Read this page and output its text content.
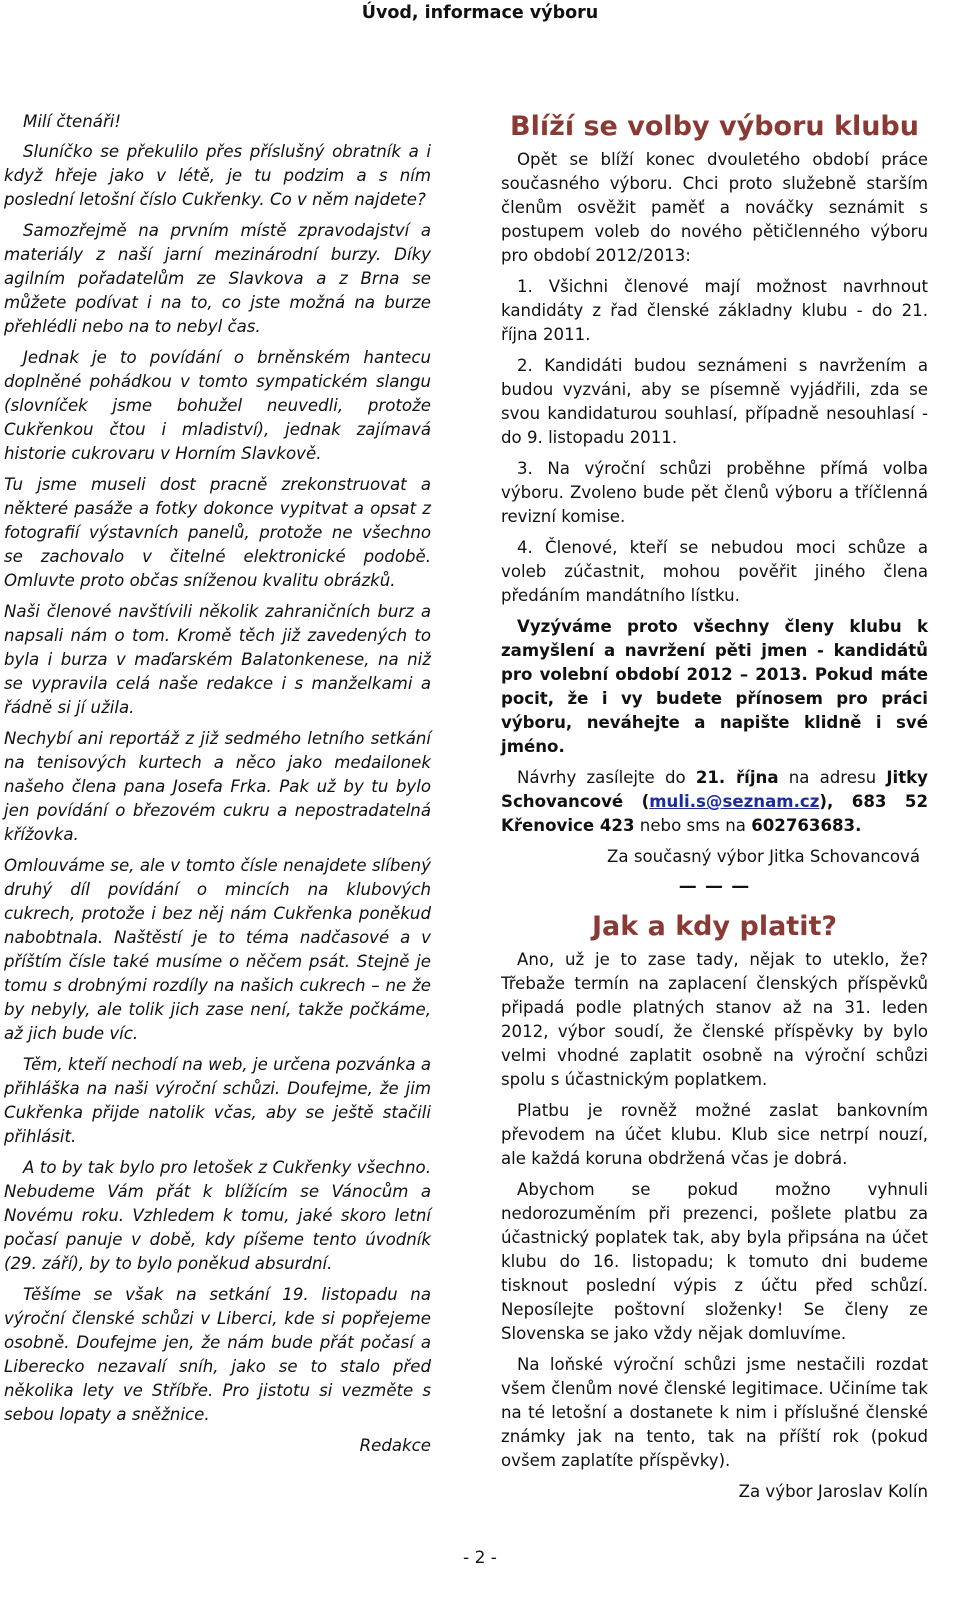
Úvod, informace výboru

Milí čtenáři!

Sluníčko se překulilo přes příslušný obratník a i když hřeje jako v létě, je tu podzim a s ním poslední letošní číslo Cukřenky. Co v něm najdete?

Samozřejmě na prvním místě zpravodajství a materiály z naší jarní mezinárodní burzy. Díky agilním pořadatelům ze Slavkova a z Brna se můžete podívat i na to, co jste možná na burze přehlédli nebo na to nebyl čas.

Jednak je to povídání o brněnském hantecu doplněné pohádkou v tomto sympatickém slangu (slovníček jsme bohužel neuvedli, protože Cukřenkou čtou i mladiství), jednak zajímavá historie cukrovaru v Horním Slavkově.

Tu jsme museli dost pracně zrekonstruovat a některé pasáže a fotky dokonce vypitvat a opsat z fotografií výstavních panelů, protože ne všechno se zachovalo v čitelné elektronické podobě. Omluvte proto občas sníženou kvalitu obrázků.

Naši členové navštívili několik zahraničních burz a napsali nám o tom. Kromě těch již zavedených to byla i burza v maďarském Balatonkenese, na niž se vypravila celá naše redakce i s manželkami a řádně si jí užila.

Nechybí ani reportáž z již sedmého letního setkání na tenisových kurtech a něco jako medailonek našeho člena pana Josefa Frka. Pak už by tu bylo jen povídání o březovém cukru a nepostradatelná křížovka.

Omlouváme se, ale v tomto čísle nenajdete slíbený druhý díl povídání o mincích na klubových cukrech, protože i bez něj nám Cukřenka poněkud nabobtnala. Naštěstí je to téma nadčasové a v příštím čísle také musíme o něčem psát. Stejně je tomu s drobnými rozdíly na našich cukrech – ne že by nebyly, ale tolik jich zase není, takže počkáme, až jich bude víc.

Těm, kteří nechodí na web, je určena pozvánka a přihláška na naši výroční schůzi. Doufejme, že jim Cukřenka přijde natolik včas, aby se ještě stačili přihlásit.

A to by tak bylo pro letošek z Cukřenky všechno. Nebudeme Vám přát k blížícím se Vánocům a Novému roku. Vzhledem k tomu, jaké skoro letní počasí panuje v době, kdy píšeme tento úvodník (29. září), by to bylo poněkud absurdní.

Těšíme se však na setkání 19. listopadu na výroční členské schůzi v Liberci, kde si popřejeme osobně. Doufejme jen, že nám bude přát počasí a Liberecko nezavalí sníh, jako se to stalo před několika lety ve Stříbře. Pro jistotu si vezměte s sebou lopaty a sněžnice.

Redakce

Blíží se volby výboru klubu

Opět se blíží konec dvouletého období práce současného výboru. Chci proto služebně starším členům osvěžit paměť a nováčky seznámit s postupem voleb do nového pětičlenného výboru pro období 2012/2013:

1. Všichni členové mají možnost navrhnout kandidáty z řad členské základny klubu - do 21. října 2011.

2. Kandidáti budou seznámeni s navržením a budou vyzváni, aby se písemně vyjádřili, zda se svou kandidaturou souhlasí, případně nesouhlasí - do 9. listopadu 2011.

3. Na výroční schůzi proběhne přímá volba výboru. Zvoleno bude pět členů výboru a tříčlenná revizní komise.

4. Členové, kteří se nebudou moci schůze a voleb zúčastnit, mohou pověřit jiného člena předáním mandátního lístku.

Vyzýváme proto všechny členy klubu k zamyšlení a navržení pěti jmen - kandidátů pro volební období 2012 – 2013. Pokud máte pocit, že i vy budete přínosem pro práci výboru, neváhejte a napište klidně i své jméno.

Návrhy zasílejte do 21. října na adresu Jitky Schovancové (muli.s@seznam.cz), 683 52 Křenovice 423 nebo sms na 602763683.

Za současný výbor Jitka Schovancová

— — —
Jak a kdy platit?

Ano, už je to zase tady, nějak to uteklo, že? Třebaže termín na zaplacení členských příspěvků připadá podle platných stanov až na 31. leden 2012, výbor soudí, že členské příspěvky by bylo velmi vhodné zaplatit osobně na výroční schůzi spolu s účastnickým poplatkem.

Platbu je rovněž možné zaslat bankovním převodem na účet klubu. Klub sice netrpí nouzí, ale každá koruna obdržená včas je dobrá.

Abychom se pokud možno vyhnuli nedorozuměním při prezenci, pošlete platbu za účastnický poplatek tak, aby byla připsána na účet klubu do 16. listopadu; k tomuto dni budeme tisknout poslední výpis z účtu před schůzí. Neposílejte poštovní složenky! Se členy ze Slovenska se jako vždy nějak domluvíme.

Na loňské výroční schůzi jsme nestačili rozdat všem členům nové členské legitimace. Učiníme tak na té letošní a dostanete k nim i příslušné členské známky jak na tento, tak na příští rok (pokud ovšem zaplatíte příspěvky).

Za výbor Jaroslav Kolín

- 2 -
